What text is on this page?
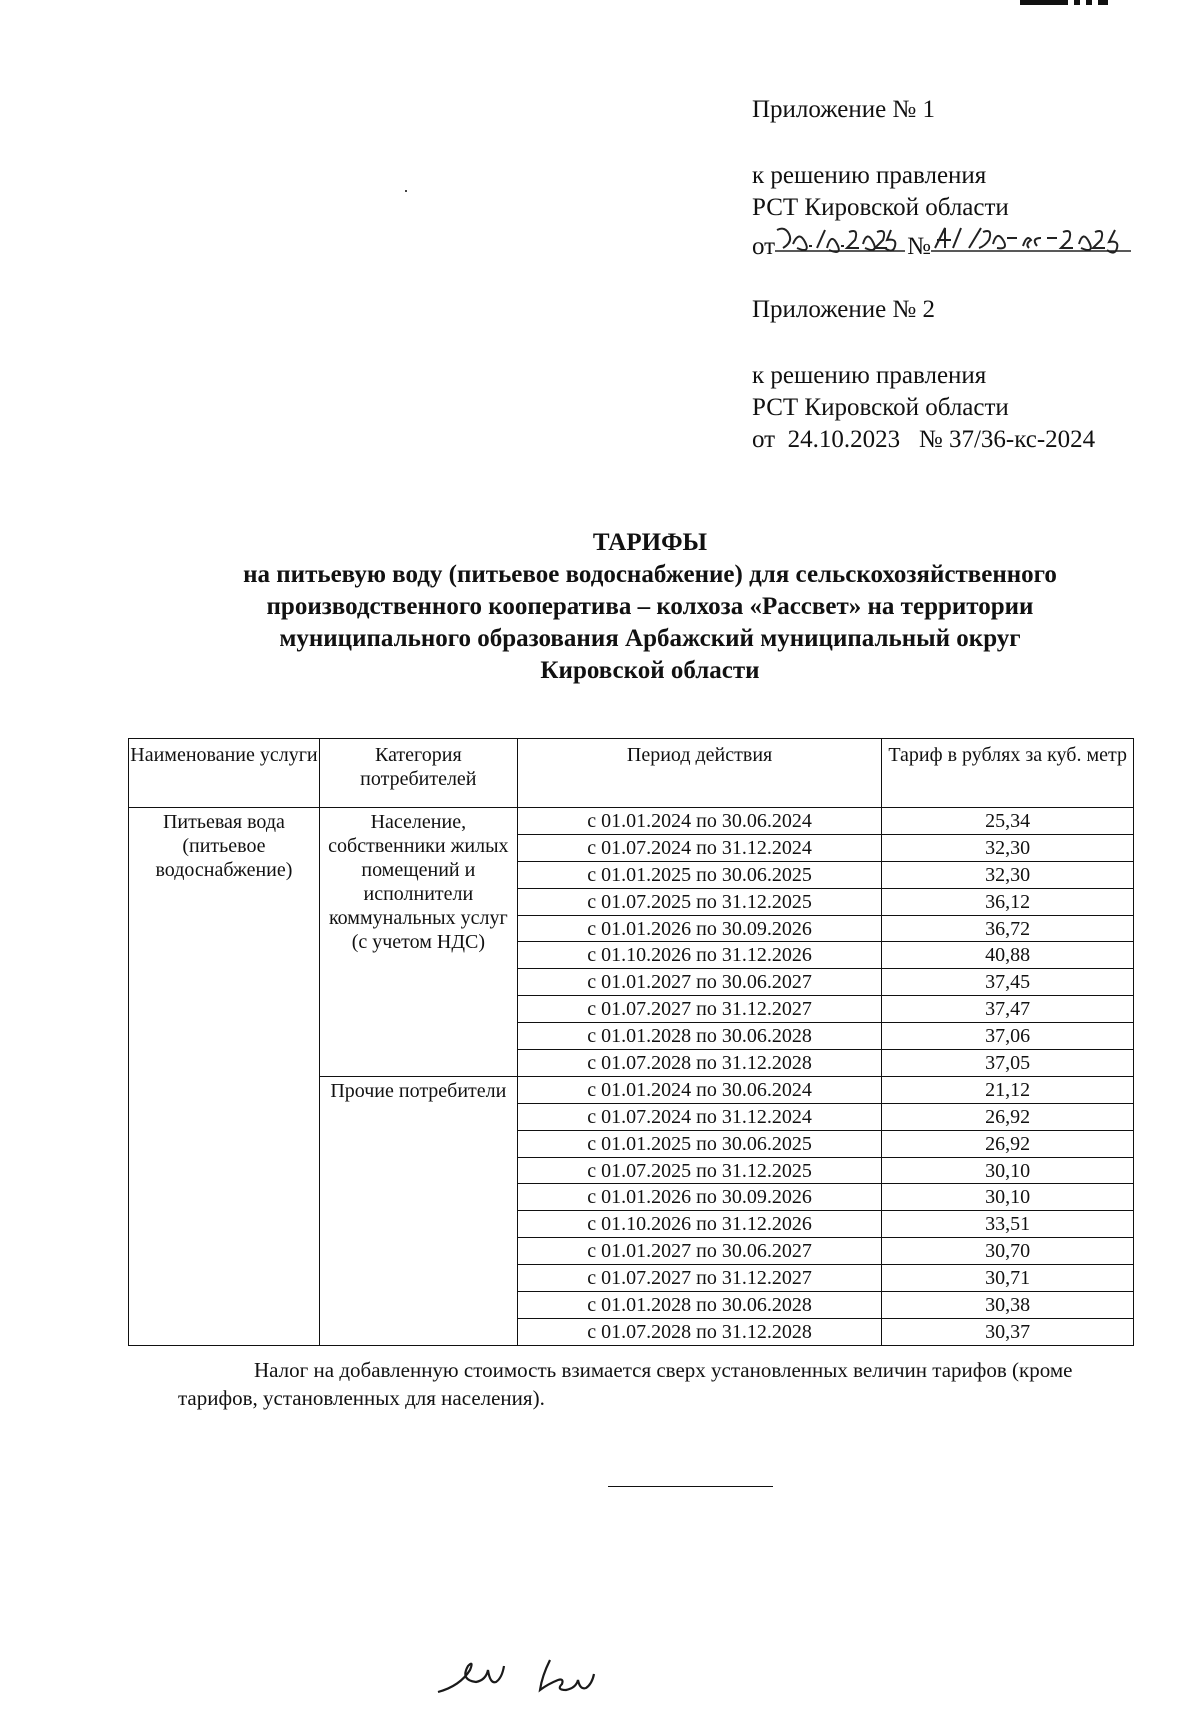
Приложение № 1

к решению правления

РСТ Кировской области

от	№

Приложение № 2

к решению правления

РСТ Кировской области

от  24.10.2023   № 37/36-кс-2024

ТАРИФЫ

на питьевую воду (питьевое водоснабжение) для сельскохозяйственного

производственного кооператива – колхоза «Рассвет» на территории

муниципального образования Арбажский муниципальный округ

Кировской области

Наименование услуги	Категория потребителей	Период действия	Тариф в рублях за куб. метр
Питьевая вода (питьевое водоснабжение)	Население, собственники жилых помещений и исполнители коммунальных услуг (с учетом НДС)	с 01.01.2024 по 30.06.2024	25,34
		с 01.07.2024 по 31.12.2024	32,30
		с 01.01.2025 по 30.06.2025	32,30
		с 01.07.2025 по 31.12.2025	36,12
		с 01.01.2026 по 30.09.2026	36,72
		с 01.10.2026 по 31.12.2026	40,88
		с 01.01.2027 по 30.06.2027	37,45
		с 01.07.2027 по 31.12.2027	37,47
		с 01.01.2028 по 30.06.2028	37,06
		с 01.07.2028 по 31.12.2028	37,05
	Прочие потребители	с 01.01.2024 по 30.06.2024	21,12
		с 01.07.2024 по 31.12.2024	26,92
		с 01.01.2025 по 30.06.2025	26,92
		с 01.07.2025 по 31.12.2025	30,10
		с 01.01.2026 по 30.09.2026	30,10
		с 01.10.2026 по 31.12.2026	33,51
		с 01.01.2027 по 30.06.2027	30,70
		с 01.07.2027 по 31.12.2027	30,71
		с 01.01.2028 по 30.06.2028	30,38
		с 01.07.2028 по 31.12.2028	30,37

Налог на добавленную стоимость взимается сверх установленных величин тарифов (кроме тарифов, установленных для населения).
